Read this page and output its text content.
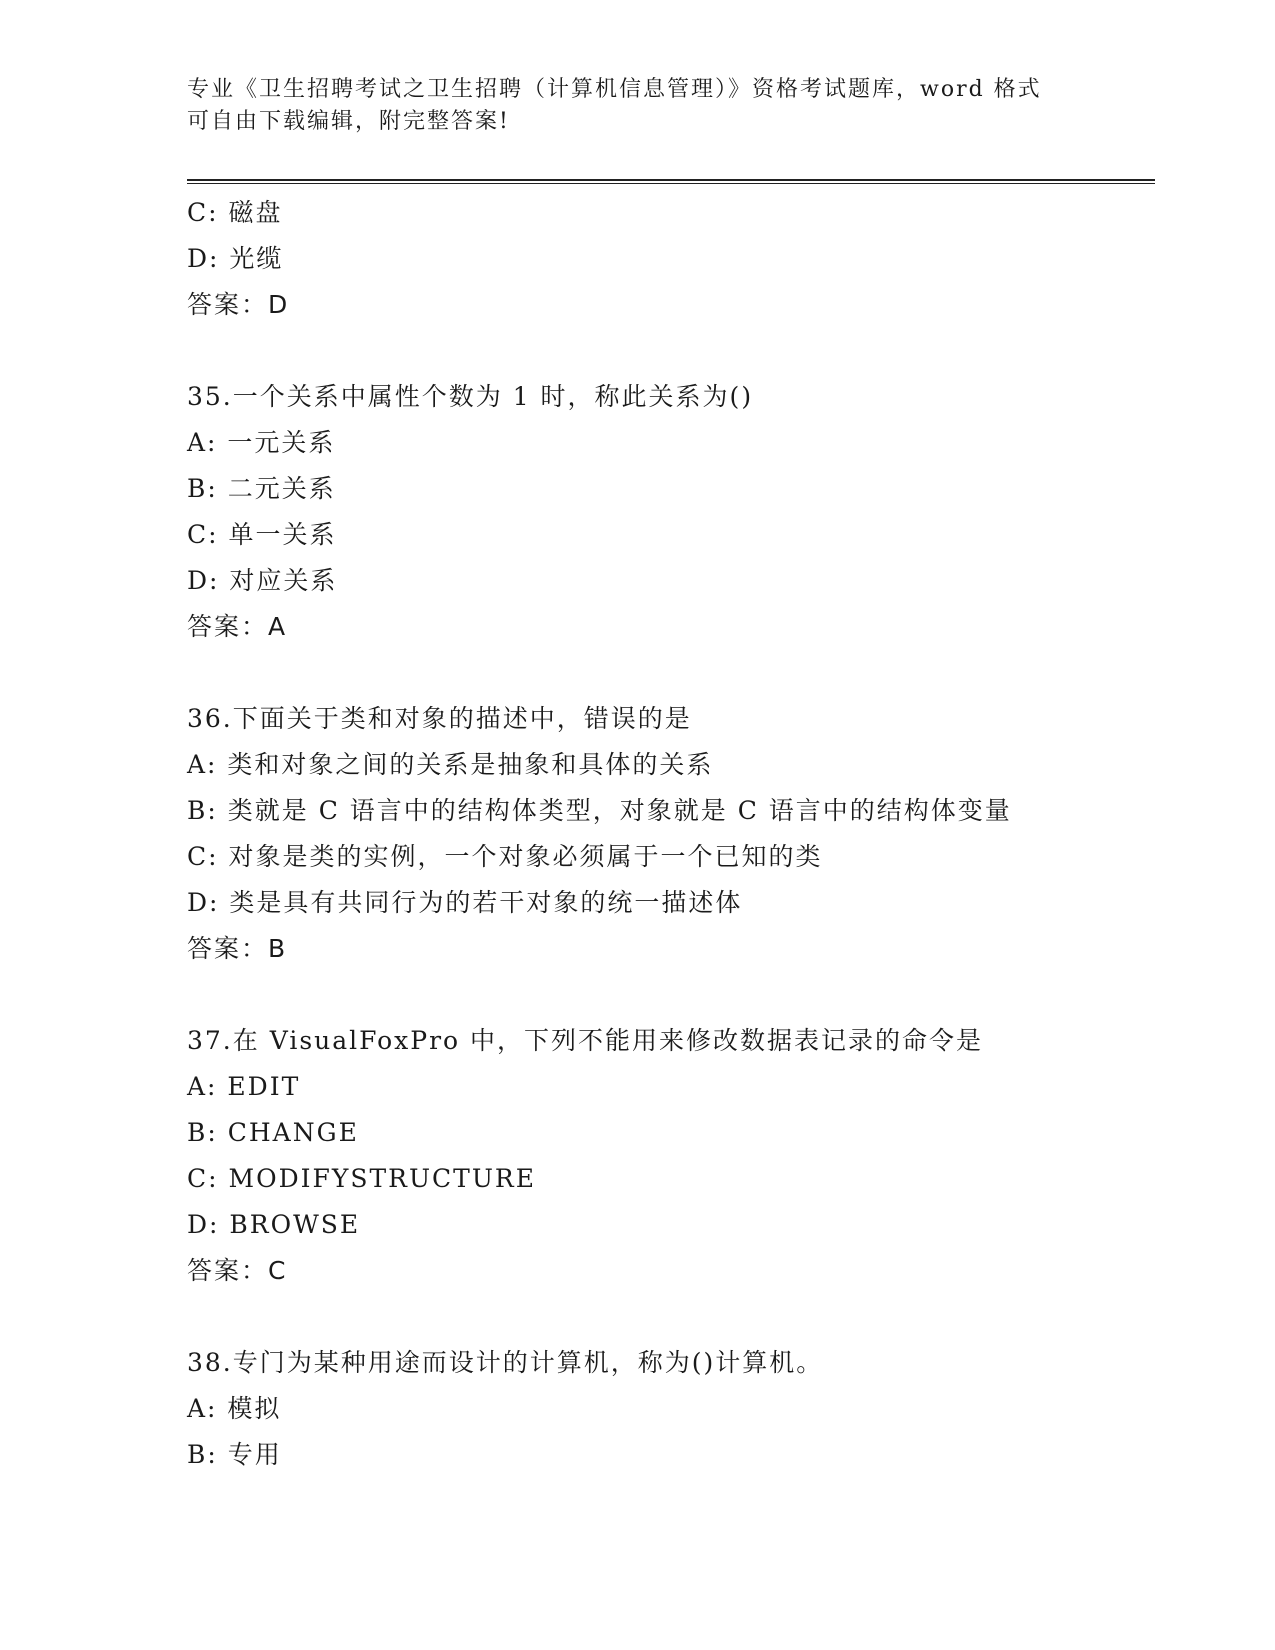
专业《卫生招聘考试之卫生招聘（计算机信息管理）》资格考试题库，word 格式
可自由下载编辑，附完整答案!
C: 磁盘
D: 光缆
答案：D
35.一个关系中属性个数为 1 时，称此关系为()
A: 一元关系
B: 二元关系
C: 单一关系
D: 对应关系
答案：A
36.下面关于类和对象的描述中，错误的是
A: 类和对象之间的关系是抽象和具体的关系
B: 类就是 C 语言中的结构体类型，对象就是 C 语言中的结构体变量
C: 对象是类的实例，一个对象必须属于一个已知的类
D: 类是具有共同行为的若干对象的统一描述体
答案：B
37.在 VisualFoxPro 中，下列不能用来修改数据表记录的命令是
A: EDIT
B: CHANGE
C: MODIFYSTRUCTURE
D: BROWSE
答案：C
38.专门为某种用途而设计的计算机，称为()计算机。
A: 模拟
B: 专用
